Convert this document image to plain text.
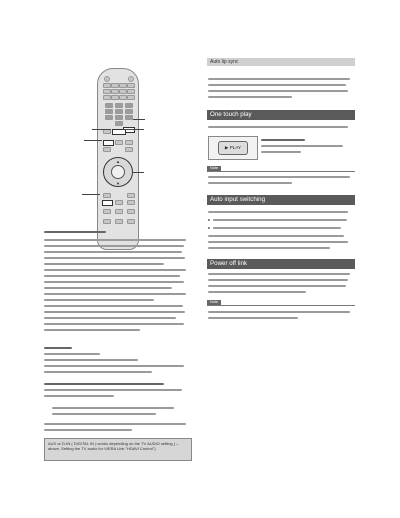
▲
▼
AUX or D-IN ( DIGITAL IN ) works depending on the TV AUDIO setting (↔ above, Setting the TV audio for VIERA Link "HDAVI Control").
Auto lip sync
One touch play
▶ PLAY
Note
Auto input switching
Power off link
Note
